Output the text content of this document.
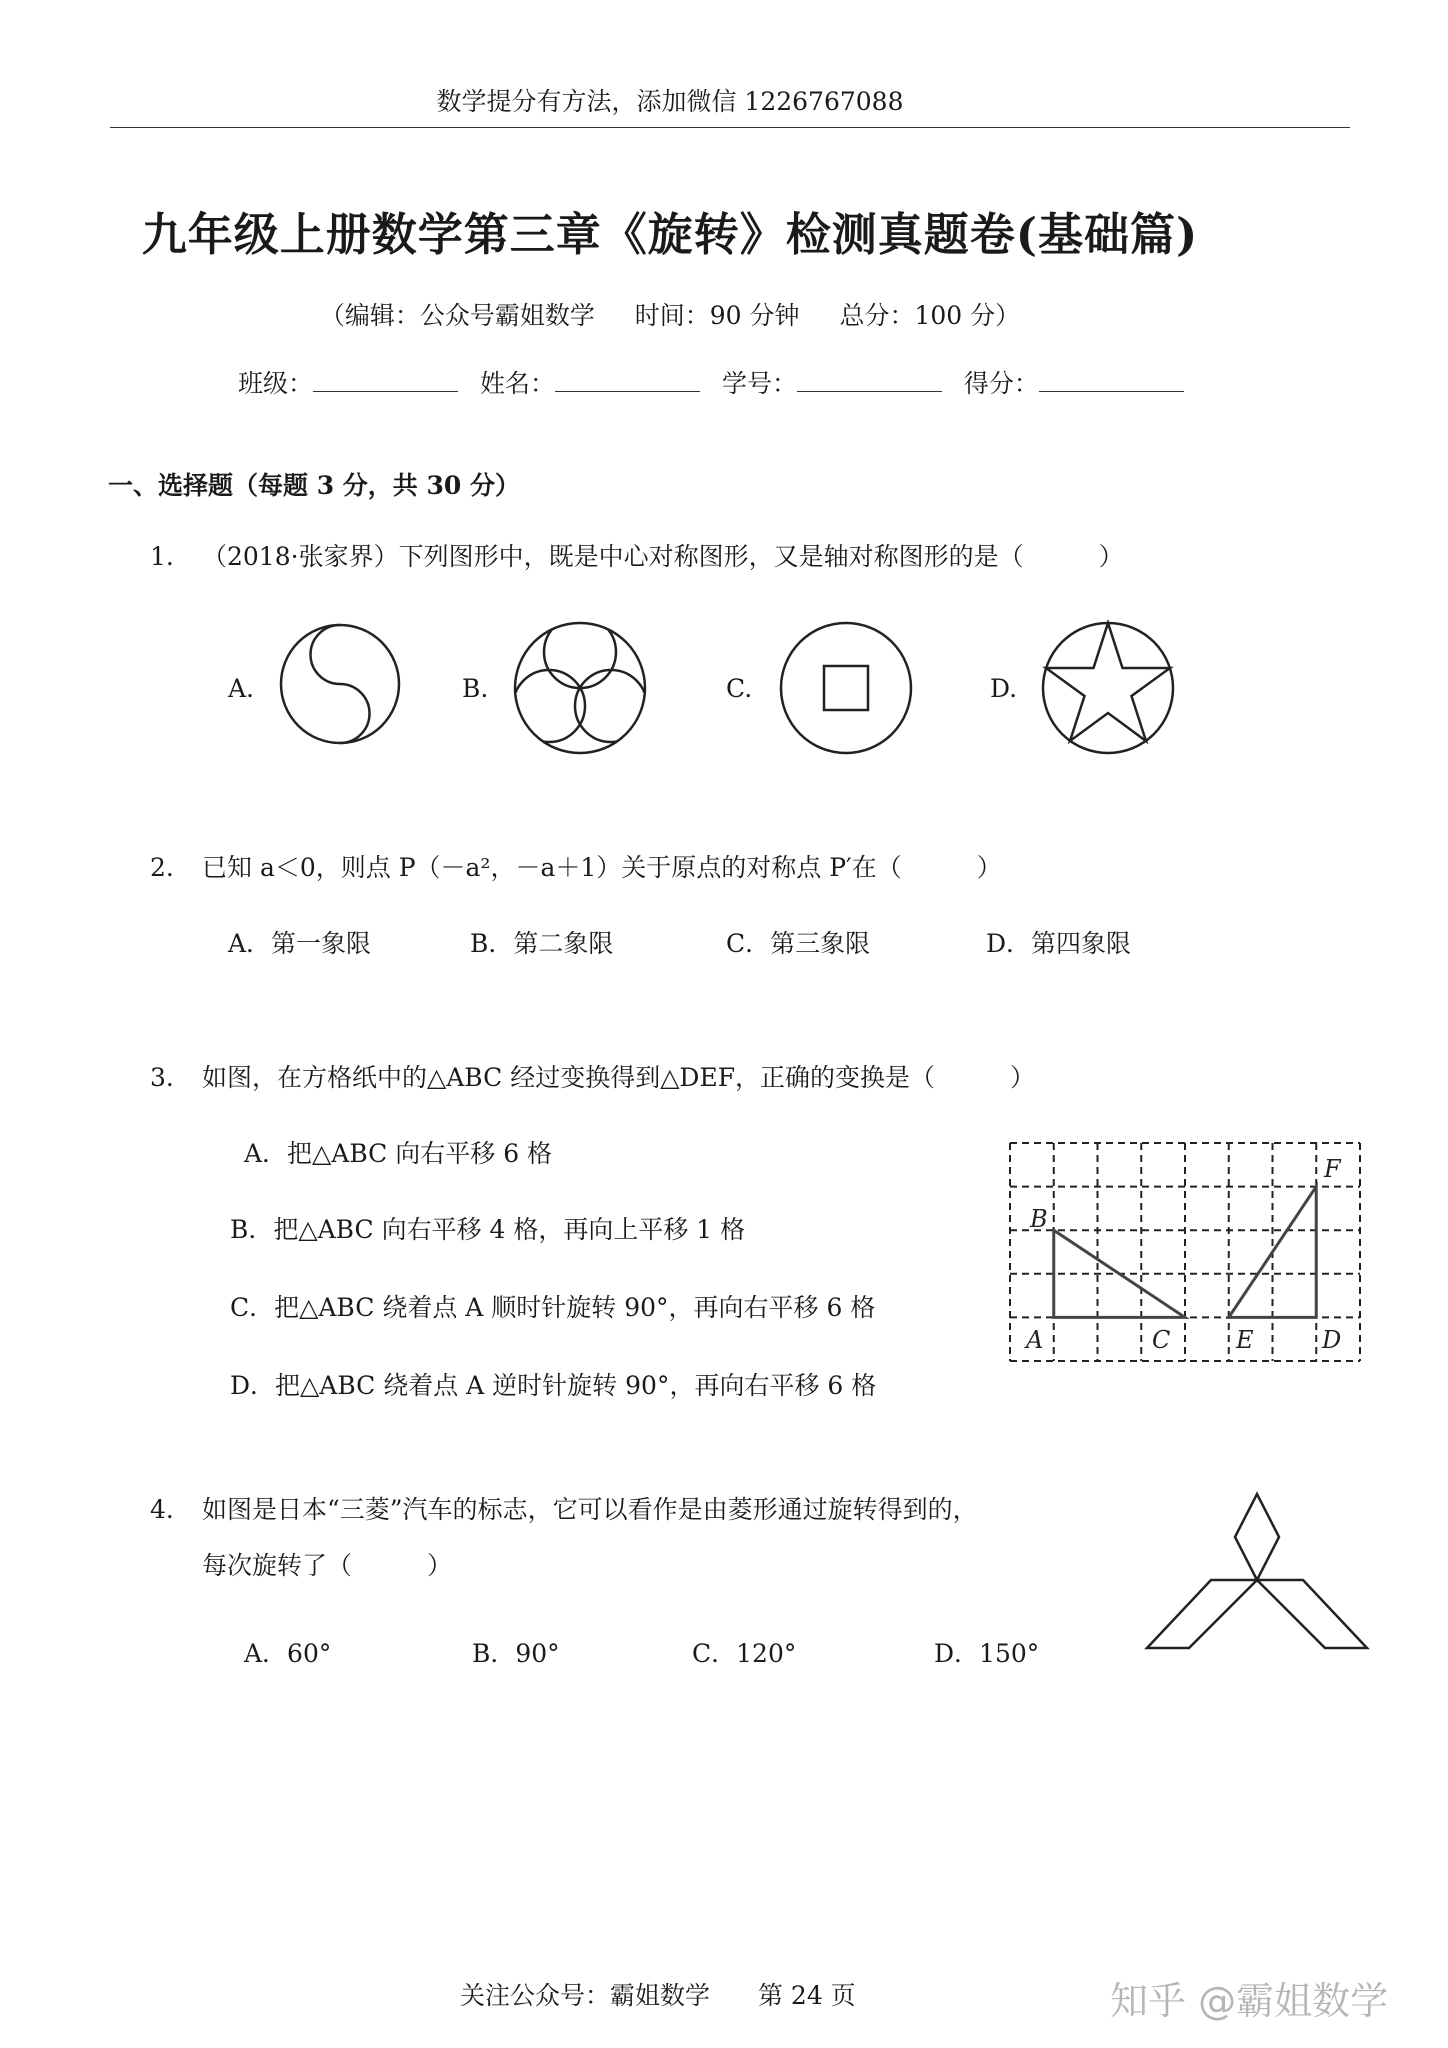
数学提分有方法，添加微信 1226767088
九年级上册数学第三章《旋转》检测真题卷(基础篇)
（编辑：公众号霸姐数学 时间：90 分钟 总分：100 分）
班级：	姓名：	学号：	得分：
一、选择题（每题 3 分，共 30 分）
1. （2018·张家界）下列图形中，既是中心对称图形，又是轴对称图形的是（　　　）
A.	B.	C.	D.
2. 已知 a＜0，则点 P（－a²，－a＋1）关于原点的对称点 P′在（　　　）
A．第一象限	B．第二象限	C．第三象限	D．第四象限
3. 如图，在方格纸中的△ABC 经过变换得到△DEF，正确的变换是（　　　）
A．把△ABC 向右平移 6 格
B．把△ABC 向右平移 4 格，再向上平移 1 格
C．把△ABC 绕着点 A 顺时针旋转 90°，再向右平移 6 格
D．把△ABC 绕着点 A 逆时针旋转 90°，再向右平移 6 格
B
A	C
F
E	D
4. 如图是日本“三菱”汽车的标志，它可以看作是由菱形通过旋转得到的，
每次旋转了（　　　）
A．60°	B．90°	C．120°	D．150°
关注公众号：霸姐数学 第 24 页	知乎 @霸姐数学
